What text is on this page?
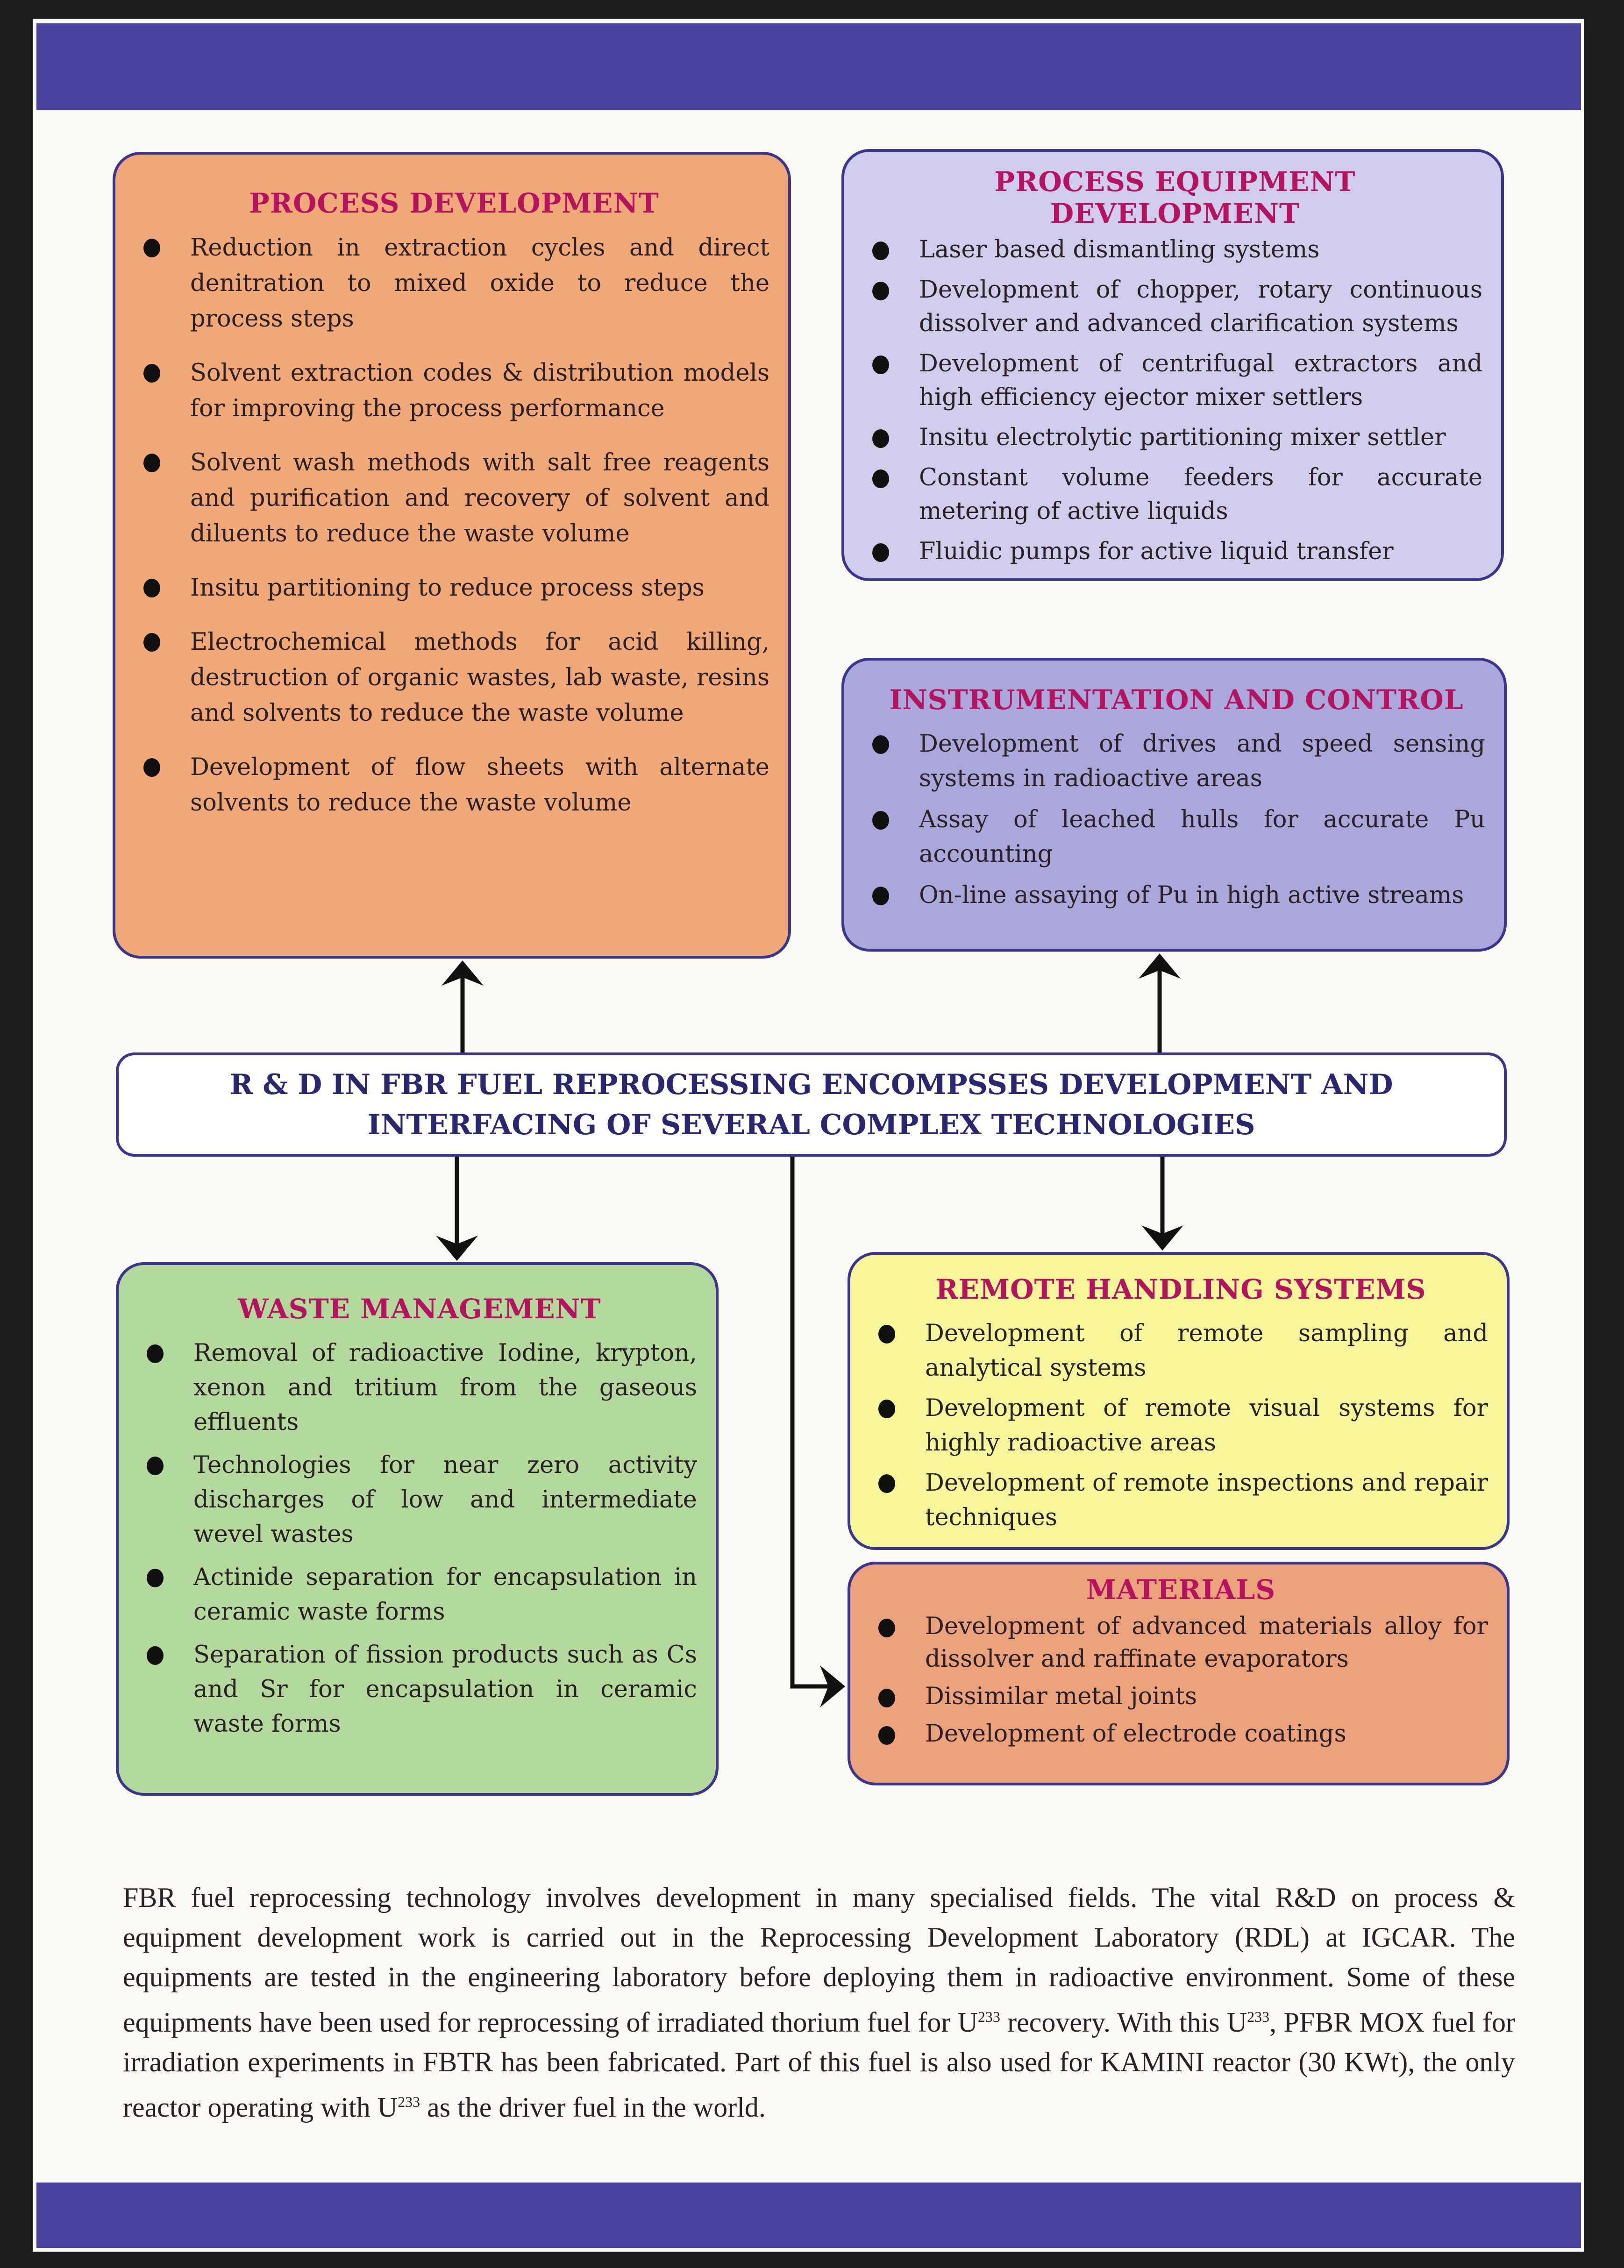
PROCESS DEVELOPMENT
Reduction in extraction cycles and direct denitration to mixed oxide to reduce the process steps
Solvent extraction codes & distribution models for improving the process performance
Solvent wash methods with salt free reagents and purification and recovery of solvent and diluents to reduce the waste volume
Insitu partitioning to reduce process steps
Electrochemical methods for acid killing, destruction of organic wastes, lab waste, resins and solvents to reduce the waste volume
Development of flow sheets with alternate solvents to reduce the waste volume
PROCESS EQUIPMENT DEVELOPMENT
Laser based dismantling systems
Development of chopper, rotary continuous dissolver and advanced clarification systems
Development of centrifugal extractors and high efficiency ejector mixer settlers
Insitu electrolytic partitioning mixer settler
Constant volume feeders for accurate metering of active liquids
Fluidic pumps for active liquid transfer
INSTRUMENTATION AND CONTROL
Development of drives and speed sensing systems in radioactive areas
Assay of leached hulls for accurate Pu accounting
On-line assaying of Pu in high active streams
R & D IN FBR FUEL REPROCESSING ENCOMPSSES DEVELOPMENT AND INTERFACING OF SEVERAL COMPLEX TECHNOLOGIES
WASTE MANAGEMENT
Removal of radioactive Iodine, krypton, xenon and tritium from the gaseous effluents
Technologies for near zero activity discharges of low and intermediate wevel wastes
Actinide separation for encapsulation in ceramic waste forms
Separation of fission products such as Cs and Sr for encapsulation in ceramic waste forms
REMOTE HANDLING SYSTEMS
Development of remote sampling and analytical systems
Development of remote visual systems for highly radioactive areas
Development of remote inspections and repair techniques
MATERIALS
Development of advanced materials alloy for dissolver and raffinate evaporators
Dissimilar metal joints
Development of electrode coatings

FBR fuel reprocessing technology involves development in many specialised fields. The vital R&D on process & equipment development work is carried out in the Reprocessing Development Laboratory (RDL) at IGCAR. The equipments are tested in the engineering laboratory before deploying them in radioactive environment. Some of these equipments have been used for reprocessing of irradiated thorium fuel for $U^{233}$ recovery. With this $U^{233}$, PFBR MOX fuel for irradiation experiments in FBTR has been fabricated. Part of this fuel is also used for KAMINI reactor (30 KWt), the only reactor operating with $U^{233}$ as the driver fuel in the world.
